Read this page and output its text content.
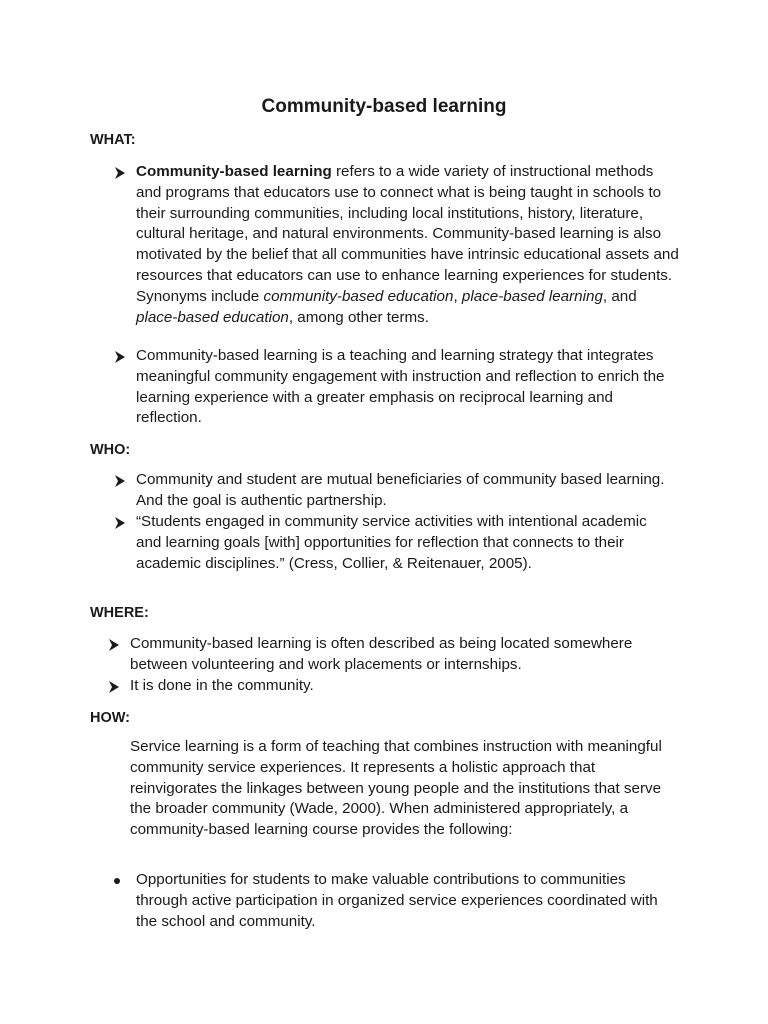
Community-based learning
WHAT:

Community-based learning refers to a wide variety of instructional methods and programs that educators use to connect what is being taught in schools to their surrounding communities, including local institutions, history, literature, cultural heritage, and natural environments. Community-based learning is also motivated by the belief that all communities have intrinsic educational assets and resources that educators can use to enhance learning experiences for students. Synonyms include community-based education, place-based learning, and place-based education, among other terms.

Community-based learning is a teaching and learning strategy that integrates meaningful community engagement with instruction and reflection to enrich the learning experience with a greater emphasis on reciprocal learning and reflection.

WHO:

Community and student are mutual beneficiaries of community based learning. And the goal is authentic partnership.

“Students engaged in community service activities with intentional academic and learning goals [with] opportunities for reflection that connects to their academic disciplines.” (Cress, Collier, & Reitenauer, 2005).

WHERE:

Community-based learning is often described as being located somewhere between volunteering and work placements or internships.

It is done in the community.

HOW:

Service learning is a form of teaching that combines instruction with meaningful community service experiences. It represents a holistic approach that reinvigorates the linkages between young people and the institutions that serve the broader community (Wade, 2000). When administered appropriately, a community-based learning course provides the following:

Opportunities for students to make valuable contributions to communities through active participation in organized service experiences coordinated with the school and community.
